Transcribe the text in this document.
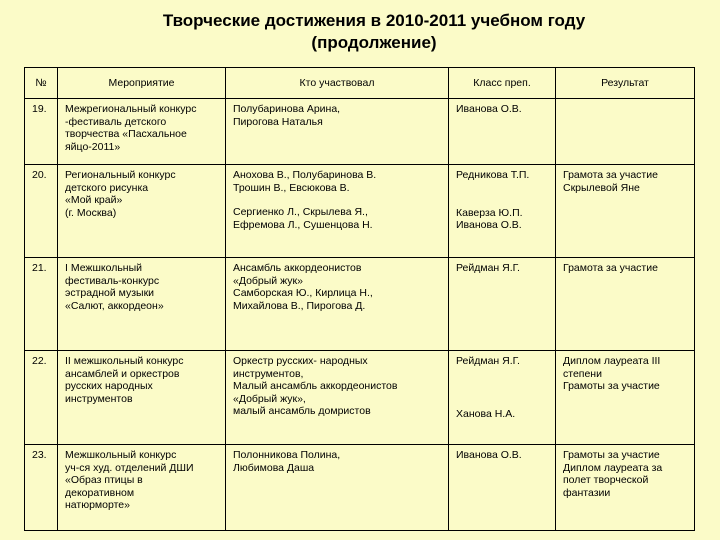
Творческие достижения в 2010-2011 учебном году
(продолжение)
№	Мероприятие	Кто участвовал	Класс преп.	Результат
19.	Межрегиональный конкурс
-фестиваль детского
творчества «Пасхальное
яйцо-2011»	Полубаринова Арина,
Пирогова Наталья	Иванова О.В.	

20.	Региональный конкурс
детского рисунка
«Мой край»
(г. Москва)	Анохова В., Полубаринова В.
Трошин В., Евсюкова В.
Сергиенко Л., Скрылева Я.,
Ефремова Л., Сушенцова Н.	Редникова Т.П.
Каверза Ю.П.
Иванова О.В.	Грамота за участие
Скрылевой Яне

21.	I Межшкольный
фестиваль-конкурс
эстрадной музыки
«Салют, аккордеон»	Ансамбль аккордеонистов
«Добрый жук»
Самборская Ю., Кирлица Н.,
Михайлова В., Пирогова Д.	Рейдман Я.Г.	Грамота за участие

22.	II межшкольный конкурс
ансамблей и оркестров
русских народных
инструментов	Оркестр русских- народных
инструментов,
Малый ансамбль аккордеонистов
«Добрый жук»,
малый ансамбль домристов	Рейдман Я.Г.
Ханова Н.А.	Диплом лауреата III
степени
Грамоты за участие

23.	Межшкольный конкурс
уч-ся худ. отделений ДШИ
«Образ птицы в
декоративном
натюрморте»	Полонникова Полина,
Любимова Даша	Иванова О.В.	Грамоты за участие
Диплом лауреата за
полет творческой
фантазии
